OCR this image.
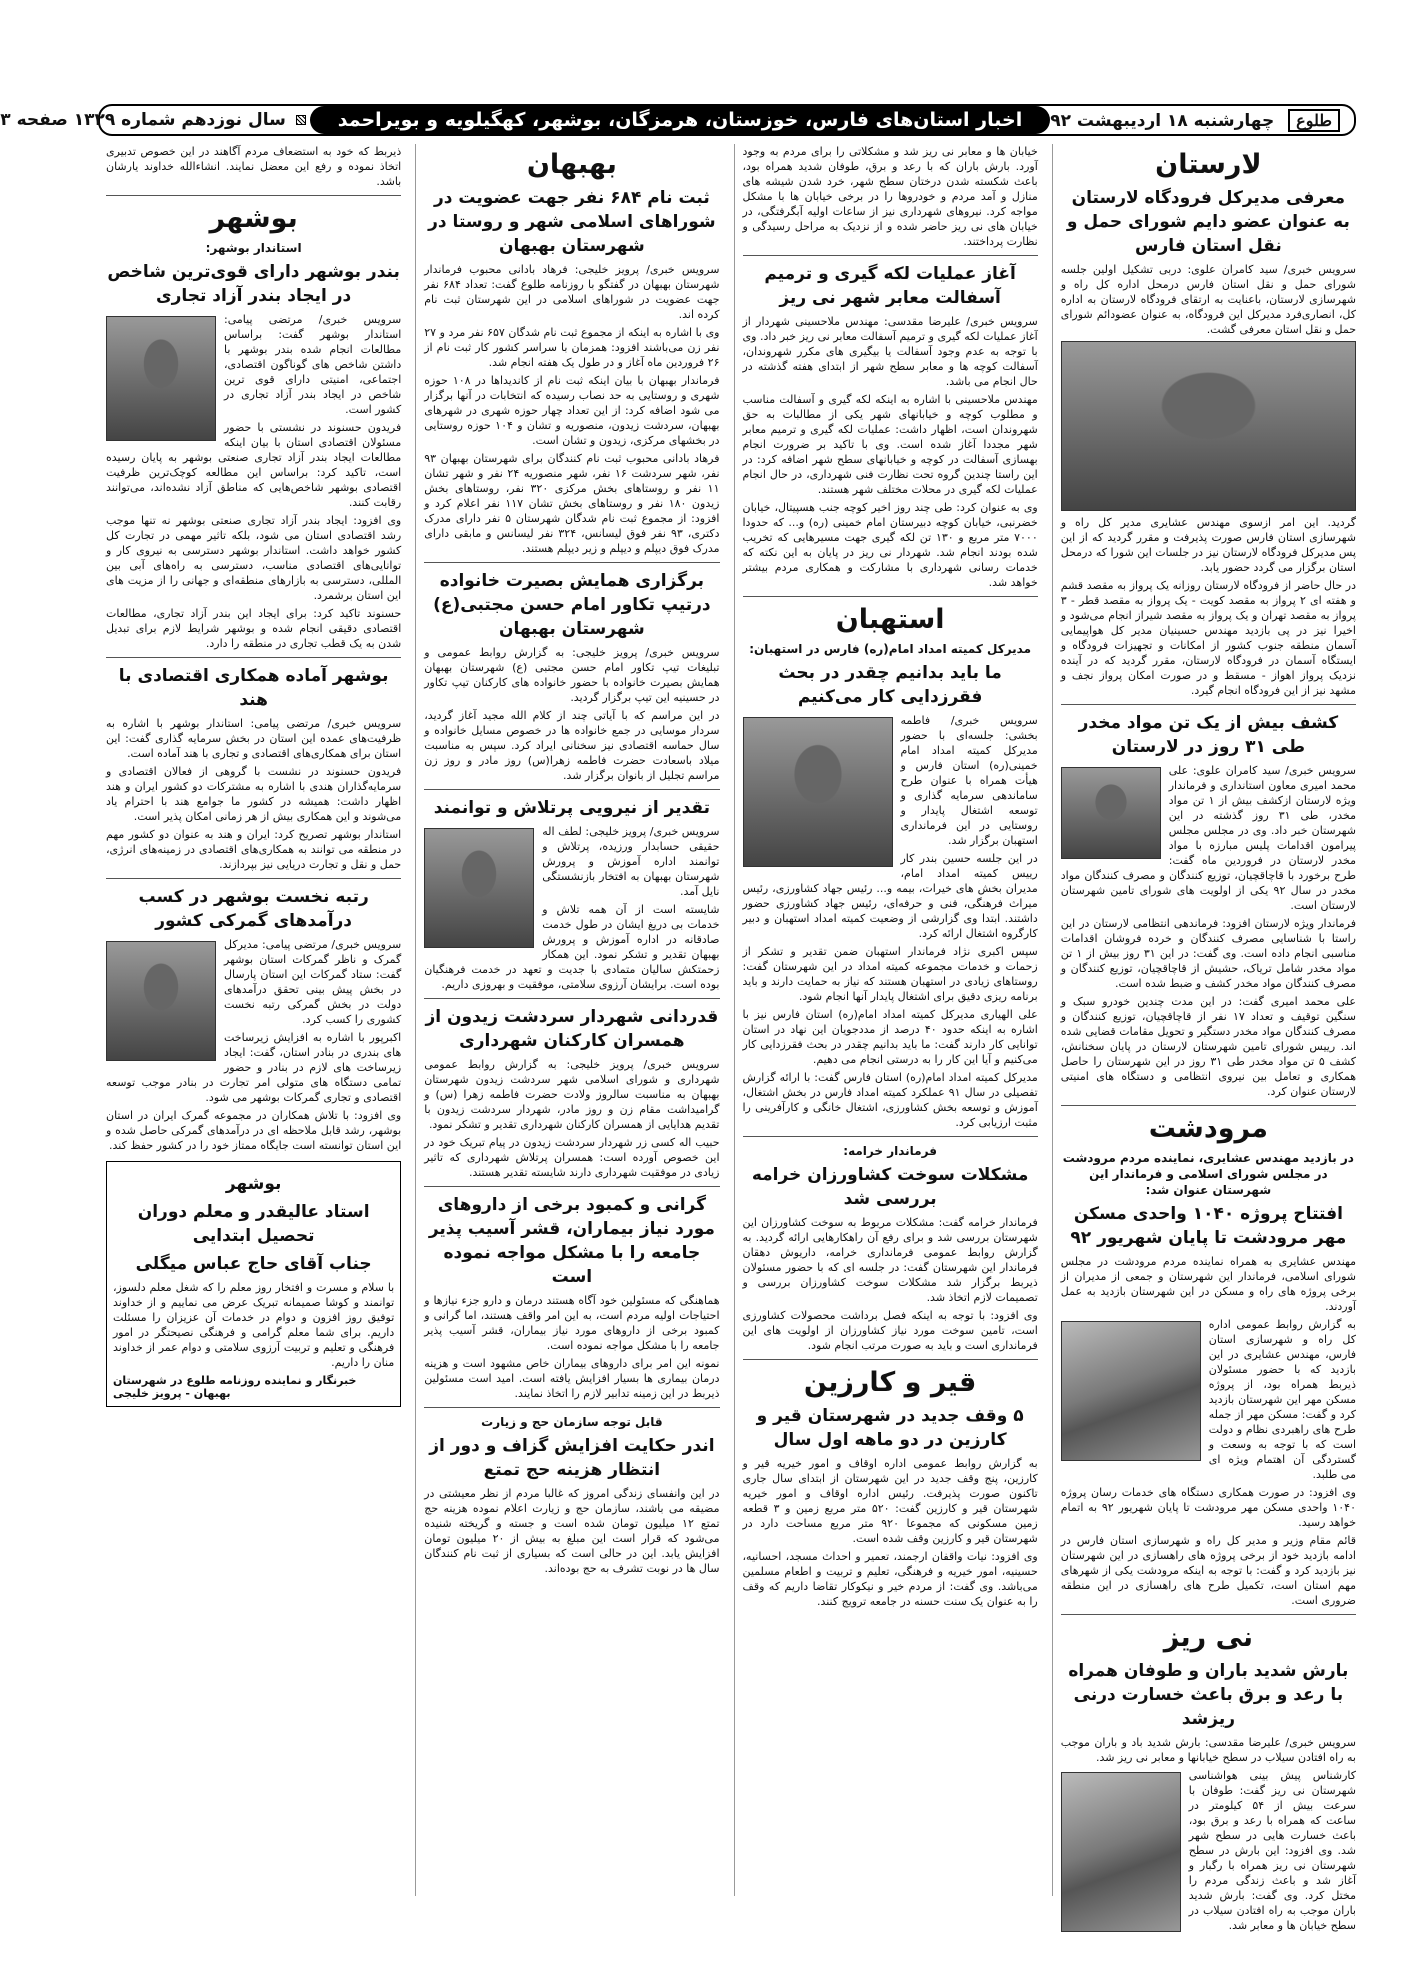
طلوع چهارشنبه ۱۸ اردیبهشت ۹۲
اخبار استان‌های فارس، خوزستان، هرمزگان، بوشهر، کهگیلویه و بویراحمد
سال نوزدهم شماره ۱۳۲۹ صفحه ۳
لارستان
معرفی مدیرکل فرودگاه لارستان به عنوان عضو دایم شورای حمل و نقل استان فارس

سرویس خبری/ سید کامران علوی: دربی تشکیل اولین جلسه شورای حمل و نقل استان فارس درمحل اداره کل راه و شهرسازی لارستان، باعنایت به ارتقای فرودگاه لارستان به اداره کل، انصاری‌فرد مدیرکل این فرودگاه، به عنوان عضودائم شورای حمل و نقل استان معرفی گشت.

گردید. این امر ازسوی مهندس عشایری مدیر کل راه و شهرسازی استان فارس صورت پذیرفت و مقرر گردید که از این پس مدیرکل فرودگاه لارستان نیز در جلسات این شورا که درمحل استان برگزار می گردد حضور یابد.

در حال حاضر از فرودگاه لارستان روزانه یک پرواز به مقصد قشم و هفته ای ۲ پرواز به مقصد کویت - یک پرواز به مقصد قطر - ۳ پرواز به مقصد تهران و یک پرواز به مقصد شیراز انجام می‌شود و اخیرا نیز در پی بازدید مهندس حسینیان مدیر کل هواپیمایی آسمان منطقه جنوب کشور از امکانات و تجهیزات فرودگاه و ایستگاه آسمان در فرودگاه لارستان، مقرر گردید که در آینده نزدیک پرواز اهواز - مسقط و در صورت امکان پرواز نجف و مشهد نیز از این فرودگاه انجام گیرد.

کشف بیش از یک تن مواد مخدر طی ۳۱ روز در لارستان

سرویس خبری/ سید کامران علوی: علی محمد امیری معاون استانداری و فرماندار ویژه لارستان ازکشف بیش از ۱ تن مواد مخدر، طی ۳۱ روز گذشته در این شهرستان خبر داد. وی در مجلس مجلس پیرامون اقدامات پلیس مبارزه با مواد مخدر لارستان در فروردین ماه گفت: طرح برخورد با قاچاقچیان، توزیع کنندگان و مصرف کنندگان مواد مخدر در سال ۹۲ یکی از اولویت های شورای تامین شهرستان لارستان است.

فرماندار ویژه لارستان افزود: فرماندهی انتظامی لارستان در این راستا با شناسایی مصرف کنندگان و خرده فروشان اقدامات مناسبی انجام داده است. وی گفت: در این ۳۱ روز بیش از ۱ تن مواد مخدر شامل تریاک، حشیش از قاچاقچیان، توزیع کنندگان و مصرف کنندگان مواد مخدر کشف و ضبط شده است.

علی محمد امیری گفت: در این مدت چندین خودرو سبک و سنگین توقیف و تعداد ۱۷ نفر از قاچاقچیان، توزیع کنندگان و مصرف کنندگان مواد مخدر دستگیر و تحویل مقامات قضایی شده اند. رییس شورای تامین شهرستان لارستان در پایان سخنانش، کشف ۵ تن مواد مخدر طی ۳۱ روز در این شهرستان را حاصل همکاری و تعامل بین نیروی انتظامی و دستگاه های امنیتی لارستان عنوان کرد.

مرودشت
در بازدید مهندس عشایری، نماینده مردم مرودشت در مجلس شورای اسلامی و فرماندار این شهرستان عنوان شد:
افتتاح پروژه ۱۰۴۰ واحدی مسکن مهر مرودشت تا پایان شهریور ۹۲

مهندس عشایری به همراه نماینده مردم مرودشت در مجلس شورای اسلامی، فرماندار این شهرستان و جمعی از مدیران از برخی پروژه های راه و مسکن در این شهرستان بازدید به عمل آوردند.

به گزارش روابط عمومی اداره کل راه و شهرسازی استان فارس، مهندس عشایری در این بازدید که با حضور مسئولان ذیربط همراه بود، از پروژه مسکن مهر این شهرستان بازدید کرد و گفت: مسکن مهر از جمله طرح های راهبردی نظام و دولت است که با توجه به وسعت و گستردگی آن اهتمام ویژه ای می طلبد.

وی افزود: در صورت همکاری دستگاه های خدمات رسان پروژه ۱۰۴۰ واحدی مسکن مهر مرودشت تا پایان شهریور ۹۲ به اتمام خواهد رسید.

قائم مقام وزیر و مدیر کل راه و شهرسازی استان فارس در ادامه بازدید خود از برخی پروژه های راهسازی در این شهرستان نیز بازدید کرد و گفت: با توجه به اینکه مرودشت یکی از شهرهای مهم استان است، تکمیل طرح های راهسازی در این منطقه ضروری است.

نی ریز
بارش شدید باران و طوفان همراه با رعد و برق باعث خسارت درنی ریزشد

سرویس خبری/ علیرضا مقدسی: بارش شدید باد و باران موجب به راه افتادن سیلاب در سطح خیابانها و معابر نی ریز شد.

کارشناس پیش بینی هواشناسی شهرستان نی ریز گفت: طوفان با سرعت بیش از ۵۴ کیلومتر در ساعت که همراه با رعد و برق بود، باعث خسارت هایی در سطح شهر شد. وی افزود: این بارش در سطح شهرستان نی ریز همراه با رگبار و آغاز شد و باعث زندگی مردم را مختل کرد. وی گفت: بارش شدید باران موجب به راه افتادن سیلاب در سطح خیابان ها و معابر شد.

خیابان ها و معابر نی ریز شد و مشکلاتی را برای مردم به وجود آورد. بارش باران که با رعد و برق، طوفان شدید همراه بود، باعث شکسته شدن درختان سطح شهر، خرد شدن شیشه های منازل و آمد مردم و خودروها را در برخی خیابان ها با مشکل مواجه کرد. نیروهای شهرداری نیز از ساعات اولیه آبگرفتگی، در خیابان های نی ریز حاضر شده و از نزدیک به مراحل رسیدگی و نظارت پرداختند.

آغاز عملیات لکه گیری و ترمیم آسفالت معابر شهر نی ریز

سرویس خبری/ علیرضا مقدسی: مهندس ملاحسینی شهردار از آغاز عملیات لکه گیری و ترمیم آسفالت معابر نی ریز خبر داد. وی با توجه به عدم وجود آسفالت یا بیگیری های مکرر شهروندان، آسفالت کوچه ها و معابر سطح شهر از ابتدای هفته گذشته در حال انجام می باشد.

مهندس ملاحسینی با اشاره به اینکه لکه گیری و آسفالت مناسب و مطلوب کوچه و خیابانهای شهر یکی از مطالبات به حق شهروندان است، اظهار داشت: عملیات لکه گیری و ترمیم معابر شهر مجددا آغاز شده است. وی با تاکید بر ضرورت انجام بهسازی آسفالت در کوچه و خیابانهای سطح شهر اضافه کرد: در این راستا چندین گروه تحت نظارت فنی شهرداری، در حال انجام عملیات لکه گیری در محلات مختلف شهر هستند.

وی به عنوان کرد: طی چند روز اخیر کوچه جنب هسپیتال، خیابان خضرنبی، خیابان کوچه دبیرستان امام خمینی (ره) و... که حدودا ۷۰۰۰ متر مربع و ۱۳۰ تن لکه گیری جهت مسیرهایی که تخریب شده بودند انجام شد. شهردار نی ریز در پایان به این نکته که خدمات رسانی شهرداری با مشارکت و همکاری مردم بیشتر خواهد شد.

استهبان
مدیرکل کمیته امداد امام(ره) فارس در استهبان:
ما باید بدانیم چقدر در بحث فقرزدایی کار می‌کنیم

سرویس خبری/ فاطمه بخشی: جلسه‌ای با حضور مدیرکل کمیته امداد امام خمینی(ره) استان فارس و هیأت همراه با عنوان طرح ساماندهی سرمایه گذاری و توسعه اشتغال پایدار و روستایی در این فرمانداری استهبان برگزار شد.

در این جلسه حسین بندر کار رییس کمیته امداد امام، مدیران بخش های خیرات، بیمه و... رئیس جهاد کشاورزی، رئیس میراث فرهنگی، فنی و حرفه‌ای، رئیس جهاد کشاورزی حضور داشتند. ابتدا وی گزارشی از وضعیت کمیته امداد استهبان و دبیر کارگروه اشتغال ارائه کرد.

سپس اکبری نژاد فرماندار استهبان ضمن تقدیر و تشکر از زحمات و خدمات مجموعه کمیته امداد در این شهرستان گفت: روستاهای زیادی در استهبان هستند که نیاز به حمایت دارند و باید برنامه ریزی دقیق برای اشتغال پایدار آنها انجام شود.

علی الهیاری مدیرکل کمیته امداد امام(ره) استان فارس نیز با اشاره به اینکه حدود ۴۰ درصد از مددجویان این نهاد در استان توانایی کار دارند گفت: ما باید بدانیم چقدر در بحث فقرزدایی کار می‌کنیم و آیا این کار را به درستی انجام می دهیم.

مدیرکل کمیته امداد امام(ره) استان فارس گفت: با ارائه گزارش تفصیلی در سال ۹۱ عملکرد کمیته امداد فارس در بخش اشتغال، آموزش و توسعه بخش کشاورزی، اشتغال خانگی و کارآفرینی را مثبت ارزیابی کرد.

فرماندار خرامه:
مشکلات سوخت کشاورزان خرامه بررسی شد

فرماندار خرامه گفت: مشکلات مربوط به سوخت کشاورزان این شهرستان بررسی شد و برای رفع آن راهکارهایی ارائه گردید. به گزارش روابط عمومی فرمانداری خرامه، داریوش دهقان فرماندار این شهرستان گفت: در جلسه ای که با حضور مسئولان ذیربط برگزار شد مشکلات سوخت کشاورزان بررسی و تصمیمات لازم اتخاذ شد.

وی افزود: با توجه به اینکه فصل برداشت محصولات کشاورزی است، تامین سوخت مورد نیاز کشاورزان از اولویت های این فرمانداری است و باید به صورت مرتب انجام شود.

قیر و کارزین
۵ وقف جدید در شهرستان قیر و کارزین در دو ماهه اول سال

به گزارش روابط عمومی اداره اوقاف و امور خیریه قیر و کارزین، پنج وقف جدید در این شهرستان از ابتدای سال جاری تاکنون صورت پذیرفت. رئیس اداره اوقاف و امور خیریه شهرستان قیر و کارزین گفت: ۵۲۰ متر مربع زمین و ۳ قطعه زمین مسکونی که مجموعا ۹۲۰ متر مربع مساحت دارد در شهرستان قیر و کارزین وقف شده است.

وی افزود: نیات واقفان ارجمند، تعمیر و احداث مسجد، احسانیه، حسینیه، امور خیریه و فرهنگی، تعلیم و تربیت و اطعام مسلمین می‌باشد. وی گفت: از مردم خیر و نیکوکار تقاضا داریم که وقف را به عنوان یک سنت حسنه در جامعه ترویج کنند.

بهبهان
ثبت نام ۶۸۴ نفر جهت عضویت در شوراهای اسلامی شهر و روستا در شهرستان بهبهان

سرویس خبری/ پرویز خلیجی: فرهاد بادانی محبوب فرماندار شهرستان بهبهان در گفتگو با روزنامه طلوع گفت: تعداد ۶۸۴ نفر جهت عضویت در شوراهای اسلامی در این شهرستان ثبت نام کرده اند.

وی با اشاره به اینکه از مجموع ثبت نام شدگان ۶۵۷ نفر مرد و ۲۷ نفر زن می‌باشند افزود: همزمان با سراسر کشور کار ثبت نام از ۲۶ فروردین ماه آغاز و در طول یک هفته انجام شد.

فرماندار بهبهان با بیان اینکه ثبت نام از کاندیداها در ۱۰۸ حوزه شهری و روستایی به حد نصاب رسیده که انتخابات در آنها برگزار می شود اضافه کرد: از این تعداد چهار حوزه شهری در شهرهای بهبهان، سردشت زیدون، منصوریه و تشان و ۱۰۴ حوزه روستایی در بخشهای مرکزی، زیدون و تشان است.

فرهاد بادانی محبوب ثبت نام کنندگان برای شهرستان بهبهان ۹۳ نفر، شهر سردشت ۱۶ نفر، شهر منصوریه ۲۴ نفر و شهر تشان ۱۱ نفر و روستاهای بخش مرکزی ۳۲۰ نفر، روستاهای بخش زیدون ۱۸۰ نفر و روستاهای بخش تشان ۱۱۷ نفر اعلام کرد و افزود: از مجموع ثبت نام شدگان شهرستان ۵ نفر دارای مدرک دکتری، ۹۳ نفر فوق لیسانس، ۳۲۴ نفر لیسانس و مابقی دارای مدرک فوق دیپلم و دیپلم و زیر دیپلم هستند.

برگزاری همایش بصیرت خانواده درتیپ تکاور امام حسن مجتبی(ع) شهرستان بهبهان

سرویس خبری/ پرویز خلیجی: به گزارش روابط عمومی و تبلیغات تیپ تکاور امام حسن مجتبی (ع) شهرستان بهبهان همایش بصیرت خانواده با حضور خانواده های کارکنان تیپ تکاور در حسینیه این تیپ برگزار گردید.

در این مراسم که با آیاتی چند از کلام الله مجید آغاز گردید، سردار موسایی در جمع خانواده ها در خصوص مسایل خانواده و سال حماسه اقتصادی نیز سخنانی ایراد کرد. سپس به مناسبت میلاد باسعادت حضرت فاطمه زهرا(س) روز مادر و روز زن مراسم تجلیل از بانوان برگزار شد.

تقدیر از نیرویی پرتلاش و توانمند

سرویس خبری/ پرویز خلیجی: لطف اله حقیقی حسابدار ورزیده، پرتلاش و توانمند اداره آموزش و پرورش شهرستان بهبهان به افتخار بازنشستگی نایل آمد.

شایسته است از آن همه تلاش و خدمات بی دریغ ایشان در طول خدمت صادقانه در اداره آموزش و پرورش بهبهان تقدیر و تشکر نمود. این همکار زحمتکش سالیان متمادی با جدیت و تعهد در خدمت فرهنگیان بوده است. برایشان آرزوی سلامتی، موفقیت و بهروزی داریم.

قدردانی شهردار سردشت زیدون از همسران کارکنان شهرداری

سرویس خبری/ پرویز خلیجی: به گزارش روابط عمومی شهرداری و شورای اسلامی شهر سردشت زیدون شهرستان بهبهان به مناسبت سالروز ولادت حضرت فاطمه زهرا (س) و گرامیداشت مقام زن و روز مادر، شهردار سردشت زیدون با تقدیم هدایایی از همسران کارکنان شهرداری تقدیر و تشکر نمود.

حبیب اله کسی زر شهردار سردشت زیدون در پیام تبریک خود در این خصوص آورده است: همسران پرتلاش شهرداری که تاثیر زیادی در موفقیت شهرداری دارند شایسته تقدیر هستند.

گرانی و کمبود برخی از داروهای مورد نیاز بیماران، قشر آسیب پذیر جامعه را با مشکل مواجه نموده است

هماهنگی که مسئولین خود آگاه هستند درمان و دارو جزء نیازها و احتیاجات اولیه مردم است، به این امر واقف هستند، اما گرانی و کمبود برخی از داروهای مورد نیاز بیماران، قشر آسیب پذیر جامعه را با مشکل مواجه نموده است.

نمونه این امر برای داروهای بیماران خاص مشهود است و هزینه درمان بیماری ها بسیار افزایش یافته است. امید است مسئولین ذیربط در این زمینه تدابیر لازم را اتخاذ نمایند.

قابل توجه سازمان حج و زیارت
اندر حکایت افزایش گزاف و دور از انتظار هزینه حج تمتع

در این وانفسای زندگی امروز که غالبا مردم از نظر معیشتی در مضیقه می باشند، سازمان حج و زیارت اعلام نموده هزینه حج تمتع ۱۲ میلیون تومان شده است و جسته و گریخته شنیده می‌شود که قرار است این مبلغ به بیش از ۲۰ میلیون تومان افزایش یابد. این در حالی است که بسیاری از ثبت نام کنندگان سال ها در نوبت تشرف به حج بوده‌اند.

ذیربط که خود به استضعاف مردم آگاهند در این خصوص تدبیری اتخاذ نموده و رفع این معضل نمایند. انشاءالله خداوند یارشان باشد.

بوشهر
استاندار بوشهر:
بندر بوشهر دارای قوی‌ترین شاخص در ایجاد بندر آزاد تجاری

سرویس خبری/ مرتضی پیامی: استاندار بوشهر گفت: براساس مطالعات انجام شده بندر بوشهر با داشتن شاخص های گوناگون اقتصادی، اجتماعی، امنیتی دارای قوی ترین شاخص در ایجاد بندر آزاد تجاری در کشور است.

فریدون حسنوند در نشستی با حضور مسئولان اقتصادی استان با بیان اینکه مطالعات ایجاد بندر آزاد تجاری صنعتی بوشهر به پایان رسیده است، تاکید کرد: براساس این مطالعه کوچک‌ترین ظرفیت اقتصادی بوشهر شاخص‌هایی که مناطق آزاد نشده‌اند، می‌توانند رقابت کنند.

وی افزود: ایجاد بندر آزاد تجاری صنعتی بوشهر نه تنها موجب رشد اقتصادی استان می شود، بلکه تاثیر مهمی در تجارت کل کشور خواهد داشت. استاندار بوشهر دسترسی به نیروی کار و توانایی‌های اقتصادی مناسب، دسترسی به راه‌های آبی بین المللی، دسترسی به بازارهای منطقه‌ای و جهانی را از مزیت های این استان برشمرد.

حسنوند تاکید کرد: برای ایجاد این بندر آزاد تجاری، مطالعات اقتصادی دقیقی انجام شده و بوشهر شرایط لازم برای تبدیل شدن به یک قطب تجاری در منطقه را دارد.

بوشهر آماده همکاری اقتصادی با هند

سرویس خبری/ مرتضی پیامی: استاندار بوشهر با اشاره به ظرفیت‌های عمده این استان در بخش سرمایه گذاری گفت: این استان برای همکاری‌های اقتصادی و تجاری با هند آماده است.

فریدون حسنوند در نشست با گروهی از فعالان اقتصادی و سرمایه‌گذاران هندی با اشاره به مشترکات دو کشور ایران و هند اظهار داشت: همیشه در کشور ما جوامع هند با احترام یاد می‌شوند و این همکاری بیش از هر زمانی امکان پذیر است.

استاندار بوشهر تصریح کرد: ایران و هند به عنوان دو کشور مهم در منطقه می توانند به همکاری‌های اقتصادی در زمینه‌های انرژی، حمل و نقل و تجارت دریایی نیز بپردازند.

رتبه نخست بوشهر در کسب درآمدهای گمرکی کشور

سرویس خبری/ مرتضی پیامی: مدیرکل گمرک و ناظر گمرکات استان بوشهر گفت: ستاد گمرکات این استان پارسال در بخش پیش بینی تحقق درآمدهای دولت در بخش گمرکی رتبه نخست کشوری را کسب کرد.

اکبرپور با اشاره به افزایش زیرساخت های بندری در بنادر استان، گفت: ایجاد زیرساخت های لازم در بنادر و حضور تمامی دستگاه های متولی امر تجارت در بنادر موجب توسعه اقتصادی و تجاری گمرکات بوشهر می شود.

وی افزود: با تلاش همکاران در مجموعه گمرک ایران در استان بوشهر، رشد قابل ملاحظه ای در درآمدهای گمرکی حاصل شده و این استان توانسته است جایگاه ممتاز خود را در کشور حفظ کند.

بوشهر
استاد عالیقدر و معلم دوران تحصیل ابتدایی
جناب آقای حاج عباس میگلی

با سلام و مسرت و افتخار روز معلم را که شغل معلم دلسوز، توانمند و کوشا صمیمانه تبریک عرض می نماییم و از خداوند توفیق روز افزون و دوام در خدمات آن عزیزان را مسئلت داریم. برای شما معلم گرامی و فرهنگی نصیحتگر در امور فرهنگی و تعلیم و تربیت آرزوی سلامتی و دوام عمر از خداوند منان را داریم.

خبرنگار و نماینده روزنامه طلوع در شهرستان بهبهان - پرویز خلیجی
